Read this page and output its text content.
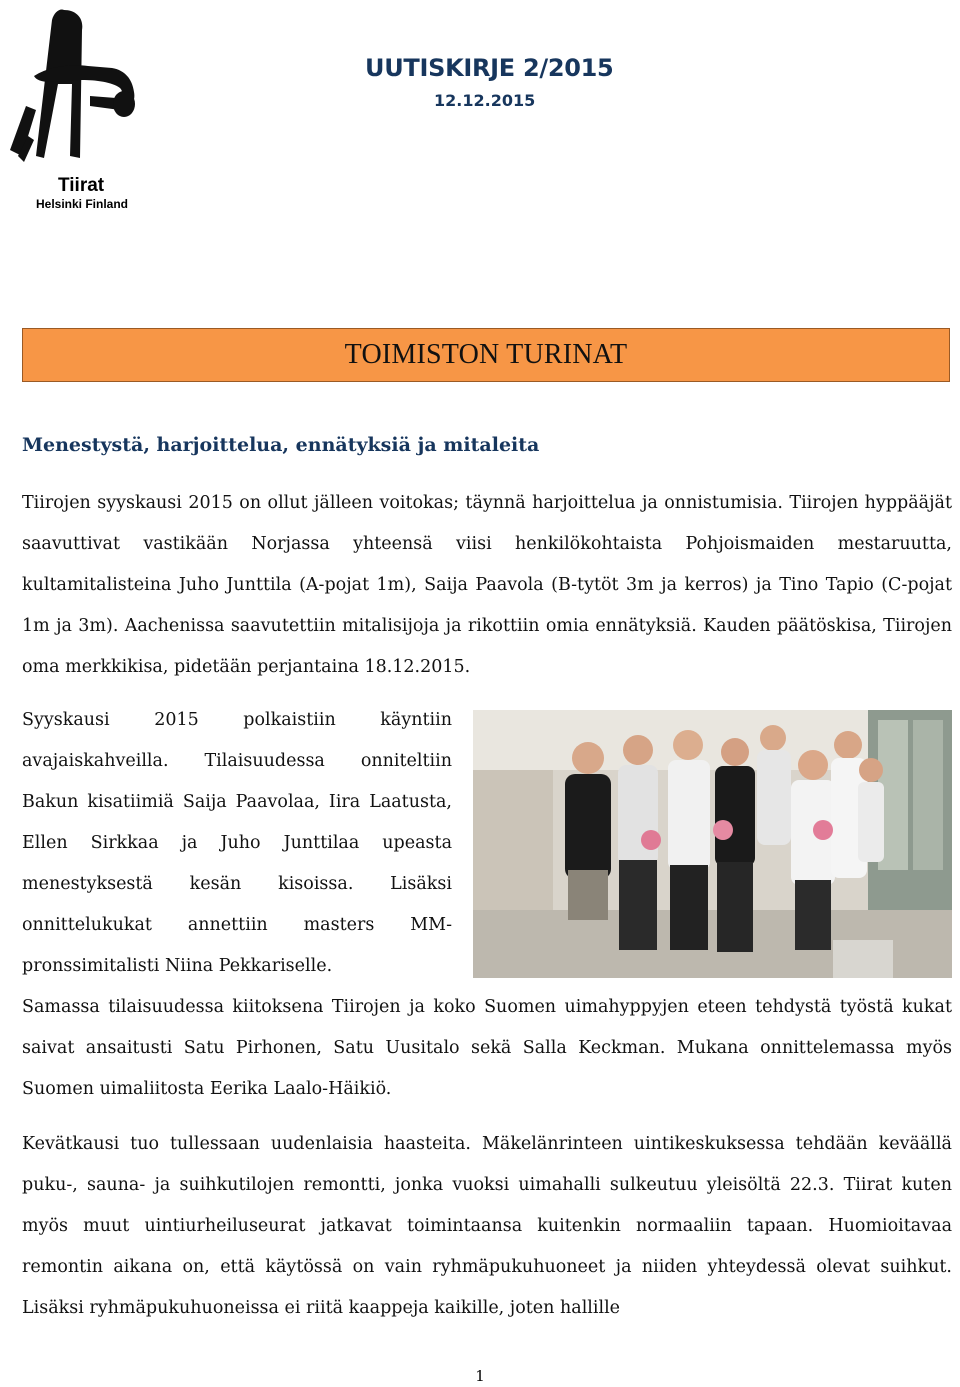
Tiirat
Helsinki Finland
UUTISKIRJE 2/2015
12.12.2015
TOIMISTON TURINAT
Menestystä, harjoittelua, ennätyksiä ja mitaleita
Tiirojen syyskausi 2015 on ollut jälleen voitokas; täynnä harjoittelua ja onnistumisia. Tiirojen hyppääjät saavuttivat vastikään Norjassa yhteensä viisi henkilökohtaista Pohjoismaiden mestaruutta, kultamitalisteina Juho Junttila (A-pojat 1m), Saija Paavola (B-tytöt 3m ja kerros) ja Tino Tapio (C-pojat 1m ja 3m). Aachenissa saavutettiin mitalisijoja ja rikottiin omia ennätyksiä. Kauden päätöskisa, Tiirojen oma merkkikisa, pidetään perjantaina 18.12.2015.
Syyskausi 2015 polkaistiin käyntiin avajaiskahveilla. Tilaisuudessa onniteltiin Bakun kisatiimiä Saija Paavolaa, Iira Laatusta, Ellen Sirkkaa ja Juho Junttilaa upeasta menestyksestä kesän kisoissa. Lisäksi onnittelukukat annettiin masters MM-pronssimitalisti Niina Pekkariselle.
Samassa tilaisuudessa kiitoksena Tiirojen ja koko Suomen uimahyppyjen eteen tehdystä työstä kukat saivat ansaitusti Satu Pirhonen, Satu Uusitalo sekä Salla Keckman. Mukana onnittelemassa myös Suomen uimaliitosta Eerika Laalo-Häikiö.
Kevätkausi tuo tullessaan uudenlaisia haasteita. Mäkelänrinteen uintikeskuksessa tehdään keväällä puku-, sauna- ja suihkutilojen remontti, jonka vuoksi uimahalli sulkeutuu yleisöltä 22.3. Tiirat kuten myös muut uintiurheiluseurat jatkavat toimintaansa kuitenkin normaaliin tapaan. Huomioitavaa remontin aikana on, että käytössä on vain ryhmäpukuhuoneet ja niiden yhteydessä olevat suihkut. Lisäksi ryhmäpukuhuoneissa ei riitä kaappeja kaikille, joten hallille
1
